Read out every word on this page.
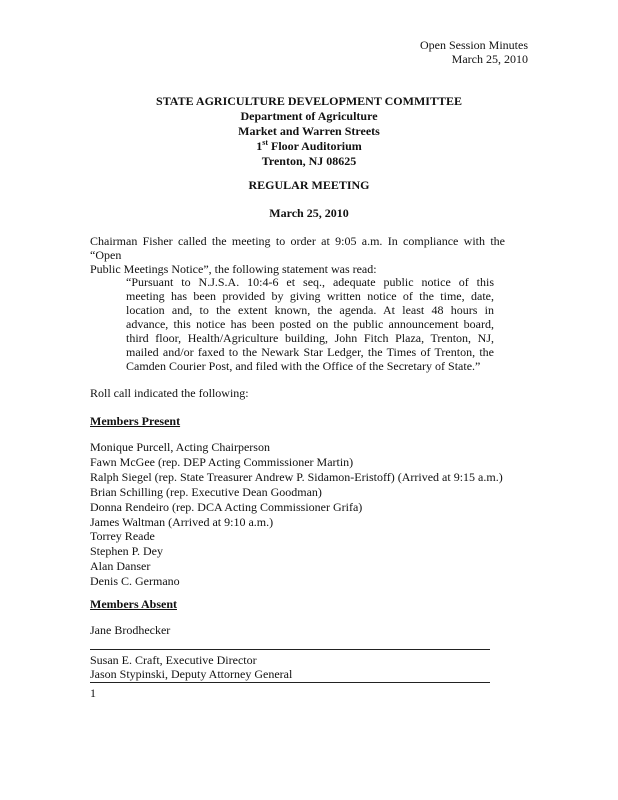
Open Session Minutes
March 25, 2010
STATE AGRICULTURE DEVELOPMENT COMMITTEE
Department of Agriculture
Market and Warren Streets
1st Floor Auditorium
Trenton, NJ 08625
REGULAR MEETING
March 25, 2010
Chairman Fisher called the meeting to order at 9:05 a.m. In compliance with the “Open
Public Meetings Notice”, the following statement was read:
“Pursuant to N.J.S.A. 10:4-6 et seq., adequate public notice of this
meeting has been provided by giving written notice of the time, date,
location and, to the extent known, the agenda. At least 48 hours in
advance, this notice has been posted on the public announcement board,
third floor, Health/Agriculture building, John Fitch Plaza, Trenton, NJ,
mailed and/or faxed to the Newark Star Ledger, the Times of Trenton, the
Camden Courier Post, and filed with the Office of the Secretary of State.”
Roll call indicated the following:
Members Present
Monique Purcell, Acting Chairperson
Fawn McGee (rep. DEP Acting Commissioner Martin)
Ralph Siegel (rep. State Treasurer Andrew P. Sidamon-Eristoff) (Arrived at 9:15 a.m.)
Brian Schilling (rep. Executive Dean Goodman)
Donna Rendeiro (rep. DCA Acting Commissioner Grifa)
James Waltman (Arrived at 9:10 a.m.)
Torrey Reade
Stephen P. Dey
Alan Danser
Denis C. Germano
Members Absent
Jane Brodhecker
Susan E. Craft, Executive Director
Jason Stypinski, Deputy Attorney General
1
